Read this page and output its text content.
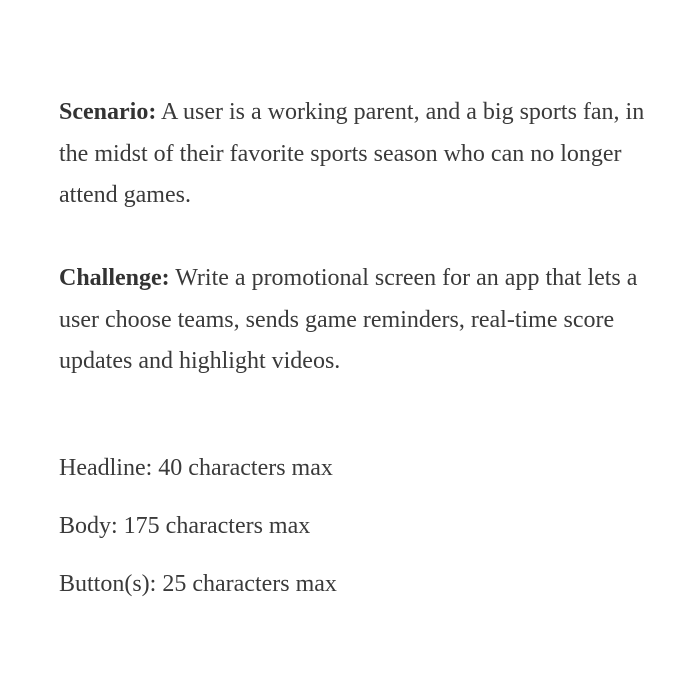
Scenario: A user is a working parent, and a big sports fan, in the midst of their favorite sports season who can no longer attend games.

Challenge: Write a promotional screen for an app that lets a user choose teams, sends game reminders, real-time score updates and highlight videos.

Headline: 40 characters max

Body: 175 characters max

Button(s): 25 characters max
